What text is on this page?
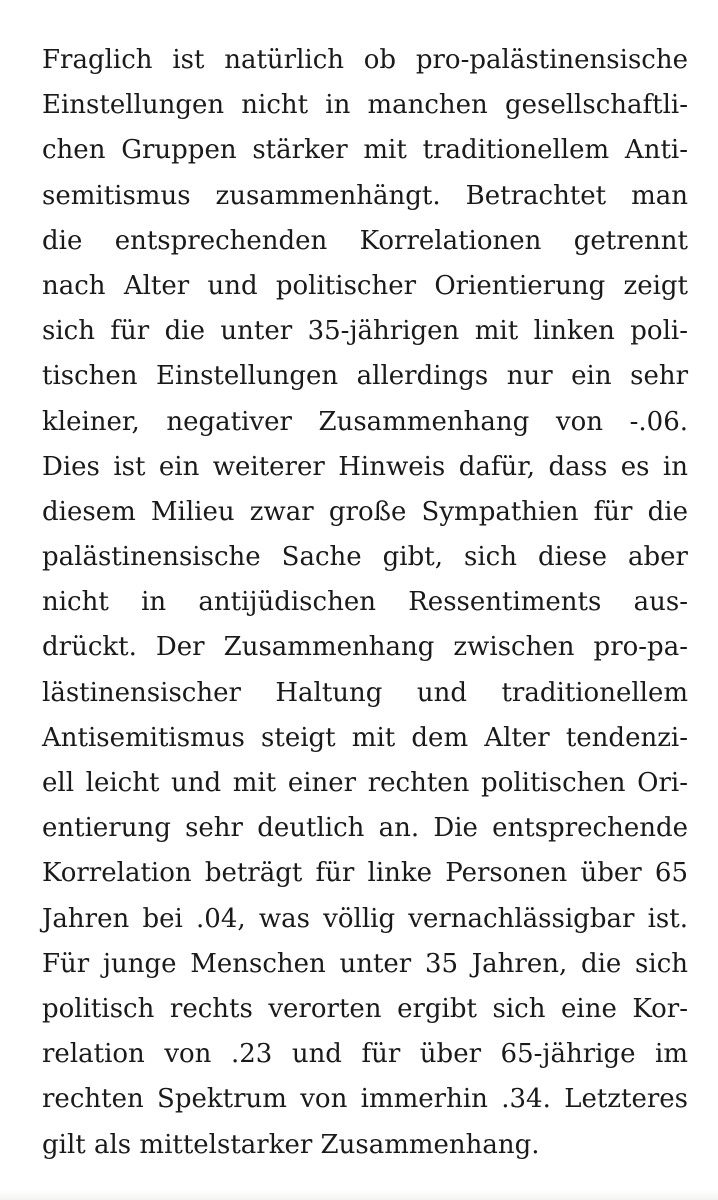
Fraglich ist natürlich ob pro-palästinensische
Einstellungen nicht in manchen gesellschaftli-
chen Gruppen stärker mit traditionellem Anti-
semitismus zusammenhängt. Betrachtet man
die entsprechenden Korrelationen getrennt
nach Alter und politischer Orientierung zeigt
sich für die unter 35-jährigen mit linken poli-
tischen Einstellungen allerdings nur ein sehr
kleiner, negativer Zusammenhang von -.06.
Dies ist ein weiterer Hinweis dafür, dass es in
diesem Milieu zwar große Sympathien für die
palästinensische Sache gibt, sich diese aber
nicht in antijüdischen Ressentiments aus-
drückt. Der Zusammenhang zwischen pro-pa-
lästinensischer Haltung und traditionellem
Antisemitismus steigt mit dem Alter tendenzi-
ell leicht und mit einer rechten politischen Ori-
entierung sehr deutlich an. Die entsprechende
Korrelation beträgt für linke Personen über 65
Jahren bei .04, was völlig vernachlässigbar ist.
Für junge Menschen unter 35 Jahren, die sich
politisch rechts verorten ergibt sich eine Kor-
relation von .23 und für über 65-jährige im
rechten Spektrum von immerhin .34. Letzteres
gilt als mittelstarker Zusammenhang.
